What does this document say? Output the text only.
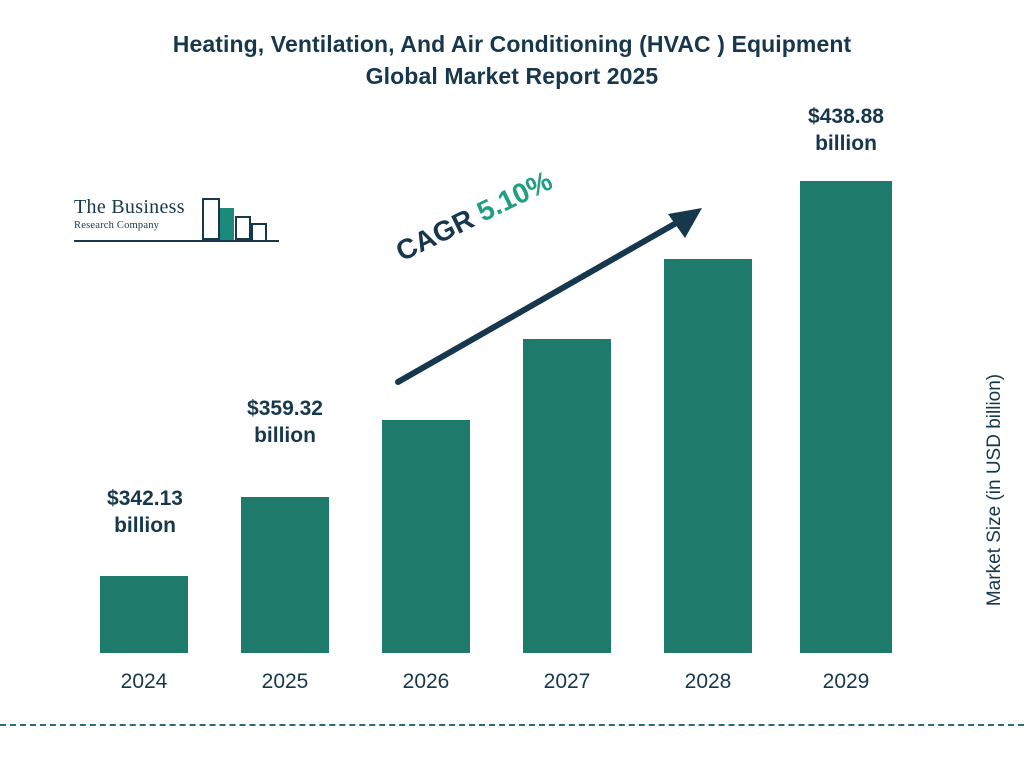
Heating, Ventilation, And Air Conditioning (HVAC ) Equipment
Global Market Report 2025
The Business
Research Company
$342.13
billion
$359.32
billion
$438.88
billion
2024	2025	2026	2027	2028	2029
CAGR 5.10%
Market Size (in USD billion)
